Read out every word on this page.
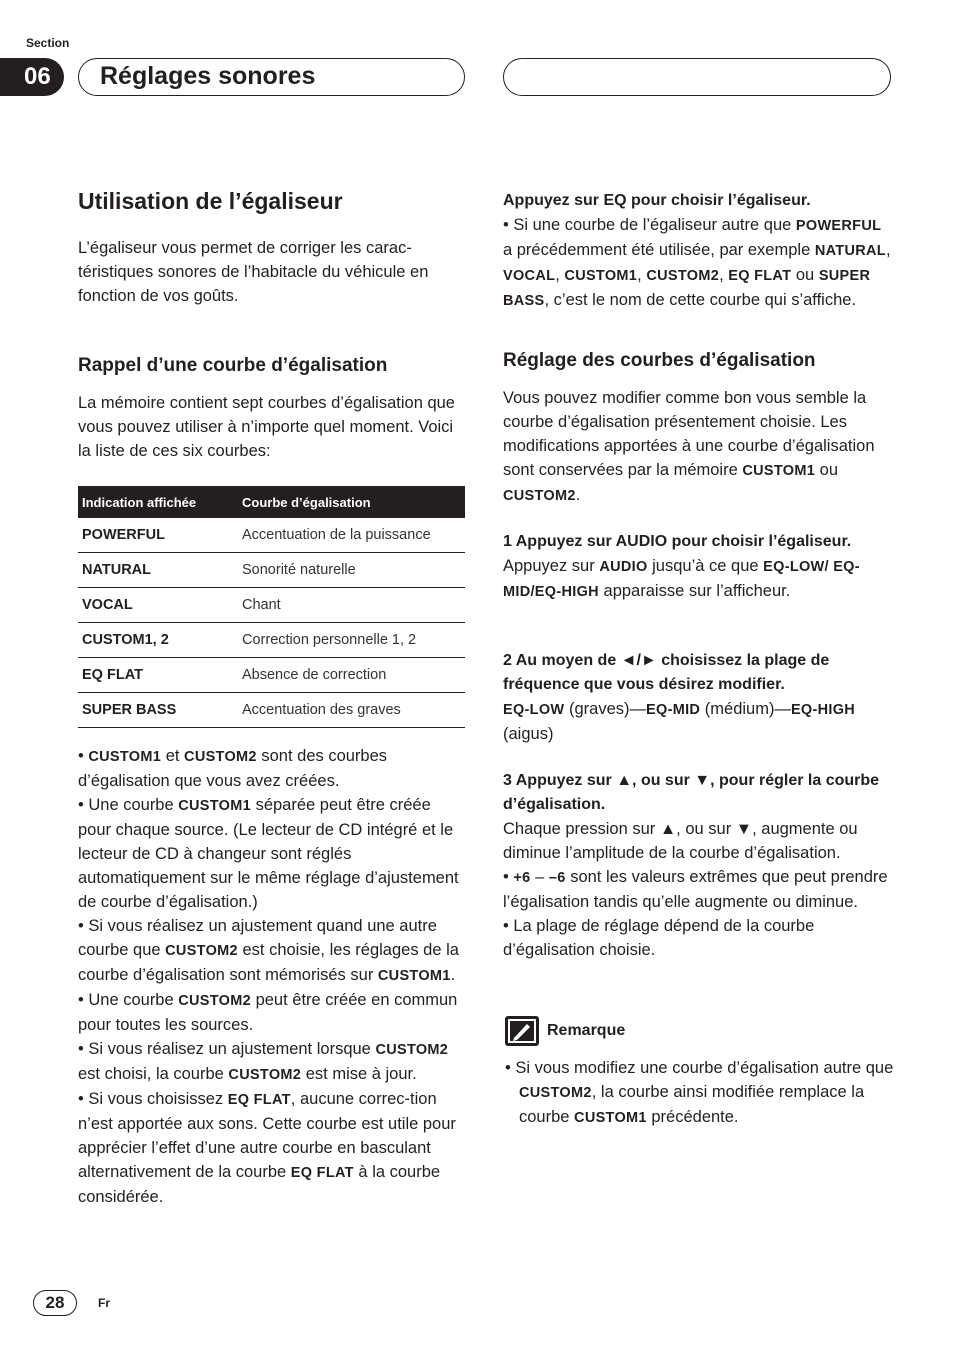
Section
06	Réglages sonores
Utilisation de l’égaliseur

L’égaliseur vous permet de corriger les carac-téristiques sonores de l’habitacle du véhicule en fonction de vos goûts.

Rappel d’une courbe d’égalisation

La mémoire contient sept courbes d’égalisation que vous pouvez utiliser à n’importe quel moment. Voici la liste de ces six courbes:

Indication affichée	Courbe d’égalisation
POWERFUL	Accentuation de la puissance
NATURAL	Sonorité naturelle
VOCAL	Chant
CUSTOM1, 2	Correction personnelle 1, 2
EQ FLAT	Absence de correction
SUPER BASS	Accentuation des graves

• CUSTOM1 et CUSTOM2 sont des courbes d’égalisation que vous avez créées.

• Une courbe CUSTOM1 séparée peut être créée pour chaque source. (Le lecteur de CD intégré et le lecteur de CD à changeur sont réglés automatiquement sur le même réglage d’ajustement de courbe d’égalisation.)

• Si vous réalisez un ajustement quand une autre courbe que CUSTOM2 est choisie, les réglages de la courbe d’égalisation sont mémorisés sur CUSTOM1.

• Une courbe CUSTOM2 peut être créée en commun pour toutes les sources.

• Si vous réalisez un ajustement lorsque CUSTOM2 est choisi, la courbe CUSTOM2 est mise à jour.

• Si vous choisissez EQ FLAT, aucune correc-tion n’est apportée aux sons. Cette courbe est utile pour apprécier l’effet d’une autre courbe en basculant alternativement de la courbe EQ FLAT à la courbe considérée.

Appuyez sur EQ pour choisir l’égaliseur.

• Si une courbe de l’égaliseur autre que POWERFUL a précédemment été utilisée, par exemple NATURAL, VOCAL, CUSTOM1, CUSTOM2, EQ FLAT ou SUPER BASS, c’est le nom de cette courbe qui s’affiche.

Réglage des courbes d’égalisation

Vous pouvez modifier comme bon vous semble la courbe d’égalisation présentement choisie. Les modifications apportées à une courbe d’égalisation sont conservées par la mémoire CUSTOM1 ou CUSTOM2.

1 Appuyez sur AUDIO pour choisir l’égaliseur.

Appuyez sur AUDIO jusqu’à ce que EQ-LOW/ EQ-MID/EQ-HIGH apparaisse sur l’afficheur.

2 Au moyen de ◄/► choisissez la plage de fréquence que vous désirez modifier.

EQ-LOW (graves)—EQ-MID (médium)—EQ-HIGH (aigus)

3 Appuyez sur ▲, ou sur ▼, pour régler la courbe d’égalisation.

Chaque pression sur ▲, ou sur ▼, augmente ou diminue l’amplitude de la courbe d’égalisation.

• +6 – –6 sont les valeurs extrêmes que peut prendre l’égalisation tandis qu’elle augmente ou diminue.

• La plage de réglage dépend de la courbe d’égalisation choisie.

Remarque

• Si vous modifiez une courbe d’égalisation autre que CUSTOM2, la courbe ainsi modifiée remplace la courbe CUSTOM1 précédente.

28	Fr
